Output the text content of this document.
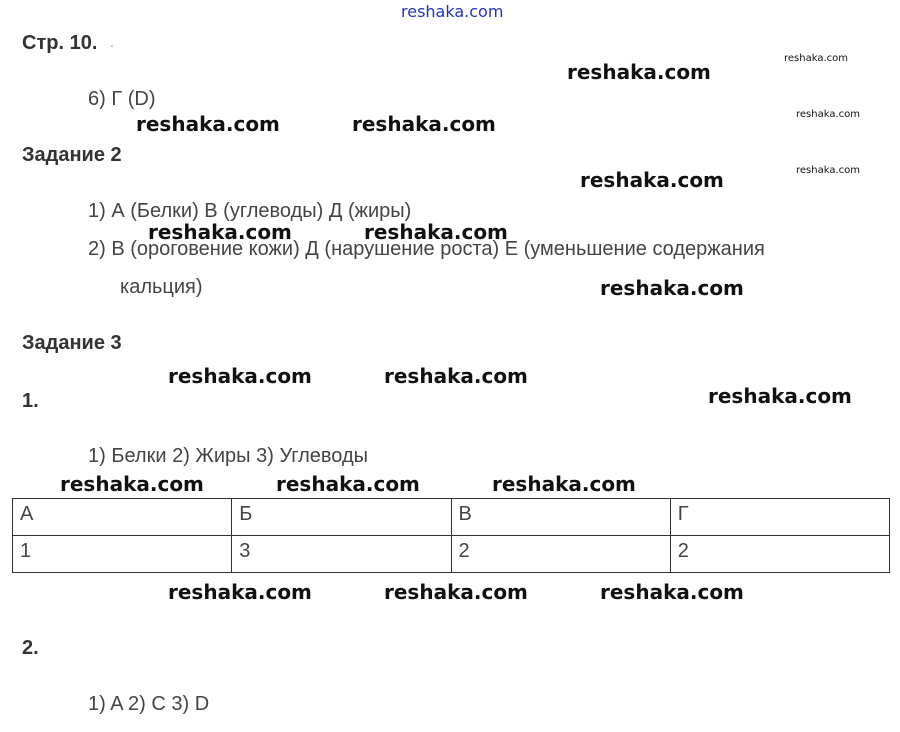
reshaka.com
Стр. 10. .
reshaka.com
reshaka.com
6) Г (D)
reshaka.com	reshaka.com	reshaka.com
Задание 2
reshaka.com	reshaka.com
1) А (Белки) В (углеводы) Д (жиры)
reshaka.com	reshaka.com
2) В (ороговение кожи) Д (нарушение роста) Е (уменьшение содержания
кальция)	reshaka.com
Задание 3
reshaka.com	reshaka.com
reshaka.com
1.
1) Белки 2) Жиры 3) Углеводы
reshaka.com	reshaka.com	reshaka.com
А	Б	В	Г
1	3	2	2
reshaka.com	reshaka.com	reshaka.com
2.
1) A 2) C 3) D
